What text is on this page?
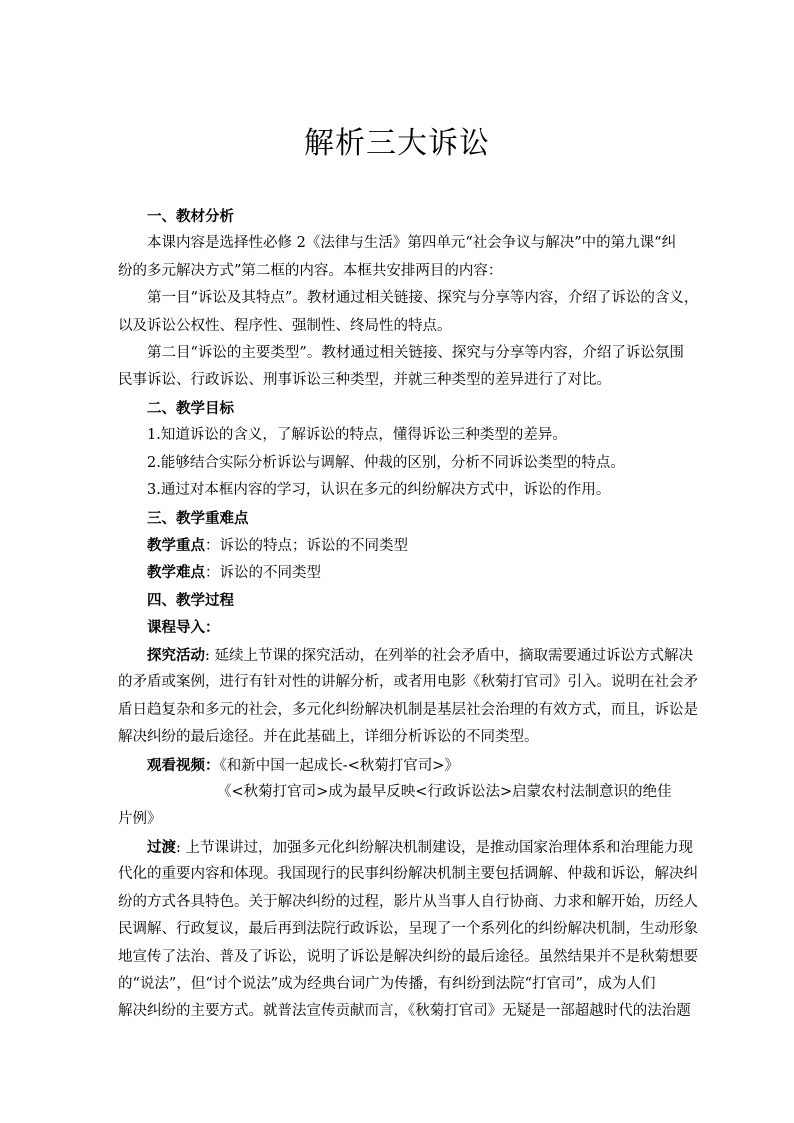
解析三大诉讼
一、教材分析
本课内容是选择性必修 2《法律与生活》第四单元“社会争议与解决”中的第九课“纠
纷的多元解决方式”第二框的内容。本框共安排两目的内容：
第一目“诉讼及其特点”。教材通过相关链接、探究与分享等内容，介绍了诉讼的含义，
以及诉讼公权性、程序性、强制性、终局性的特点。
第二目“诉讼的主要类型”。教材通过相关链接、探究与分享等内容，介绍了诉讼氛围
民事诉讼、行政诉讼、刑事诉讼三种类型，并就三种类型的差异进行了对比。
二、教学目标
1.知道诉讼的含义，了解诉讼的特点，懂得诉讼三种类型的差异。
2.能够结合实际分析诉讼与调解、仲裁的区别，分析不同诉讼类型的特点。
3.通过对本框内容的学习，认识在多元的纠纷解决方式中，诉讼的作用。
三、教学重难点
教学重点：诉讼的特点；诉讼的不同类型
教学难点：诉讼的不同类型
四、教学过程
课程导入：
探究活动: 延续上节课的探究活动，在列举的社会矛盾中，摘取需要通过诉讼方式解决
的矛盾或案例，进行有针对性的讲解分析，或者用电影《秋菊打官司》引入。说明在社会矛
盾日趋复杂和多元的社会，多元化纠纷解决机制是基层社会治理的有效方式，而且，诉讼是
解决纠纷的最后途径。并在此基础上，详细分析诉讼的不同类型。
观看视频：《和新中国一起成长-<秋菊打官司>》
《<秋菊打官司>成为最早反映<行政诉讼法>启蒙农村法制意识的绝佳
片例》
过渡: 上节课讲过，加强多元化纠纷解决机制建设，是推动国家治理体系和治理能力现
代化的重要内容和体现。我国现行的民事纠纷解决机制主要包括调解、仲裁和诉讼，解决纠
纷的方式各具特色。关于解决纠纷的过程，影片从当事人自行协商、力求和解开始，历经人
民调解、行政复议，最后再到法院行政诉讼，呈现了一个系列化的纠纷解决机制，生动形象
地宣传了法治、普及了诉讼，说明了诉讼是解决纠纷的最后途径。虽然结果并不是秋菊想要
的“说法”，但“讨个说法”成为经典台词广为传播，有纠纷到法院“打官司”，成为人们
解决纠纷的主要方式。就普法宣传贡献而言，《秋菊打官司》无疑是一部超越时代的法治题
